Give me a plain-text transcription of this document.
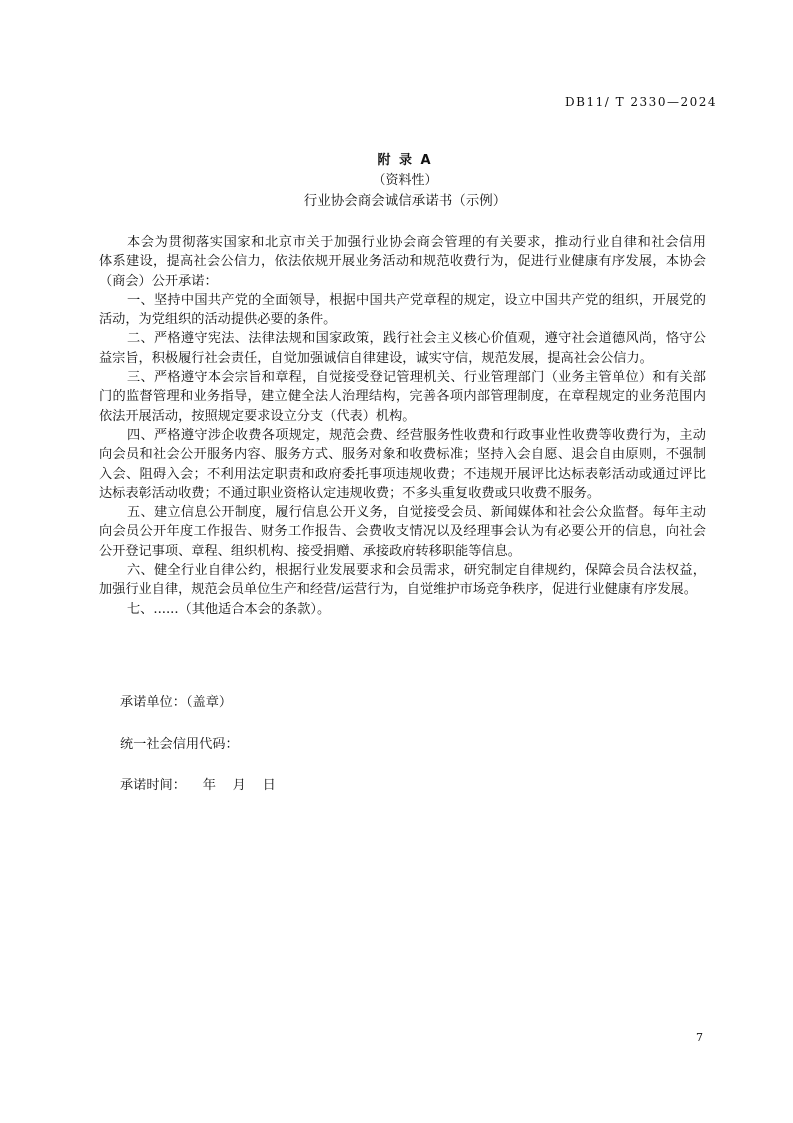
DB11/ T 2330—2024
附 录 A
（资料性）
行业协会商会诚信承诺书（示例）
本会为贯彻落实国家和北京市关于加强行业协会商会管理的有关要求，推动行业自律和社会信用
体系建设，提高社会公信力，依法依规开展业务活动和规范收费行为，促进行业健康有序发展，本协会
（商会）公开承诺：
一、坚持中国共产党的全面领导，根据中国共产党章程的规定，设立中国共产党的组织，开展党的
活动，为党组织的活动提供必要的条件。
二、严格遵守宪法、法律法规和国家政策，践行社会主义核心价值观，遵守社会道德风尚，恪守公
益宗旨，积极履行社会责任，自觉加强诚信自律建设，诚实守信，规范发展，提高社会公信力。
三、严格遵守本会宗旨和章程，自觉接受登记管理机关、行业管理部门（业务主管单位）和有关部
门的监督管理和业务指导，建立健全法人治理结构，完善各项内部管理制度，在章程规定的业务范围内
依法开展活动，按照规定要求设立分支（代表）机构。
四、严格遵守涉企收费各项规定，规范会费、经营服务性收费和行政事业性收费等收费行为，主动
向会员和社会公开服务内容、服务方式、服务对象和收费标准；坚持入会自愿、退会自由原则，不强制
入会、阻碍入会；不利用法定职责和政府委托事项违规收费；不违规开展评比达标表彰活动或通过评比
达标表彰活动收费；不通过职业资格认定违规收费；不多头重复收费或只收费不服务。
五、建立信息公开制度，履行信息公开义务，自觉接受会员、新闻媒体和社会公众监督。每年主动
向会员公开年度工作报告、财务工作报告、会费收支情况以及经理事会认为有必要公开的信息，向社会
公开登记事项、章程、组织机构、接受捐赠、承接政府转移职能等信息。
六、健全行业自律公约，根据行业发展要求和会员需求，研究制定自律规约，保障会员合法权益，
加强行业自律，规范会员单位生产和经营/运营行为，自觉维护市场竞争秩序，促进行业健康有序发展。
七、......（其他适合本会的条款）。
承诺单位：（盖章）
统一社会信用代码：
承诺时间：    年    月    日
7
